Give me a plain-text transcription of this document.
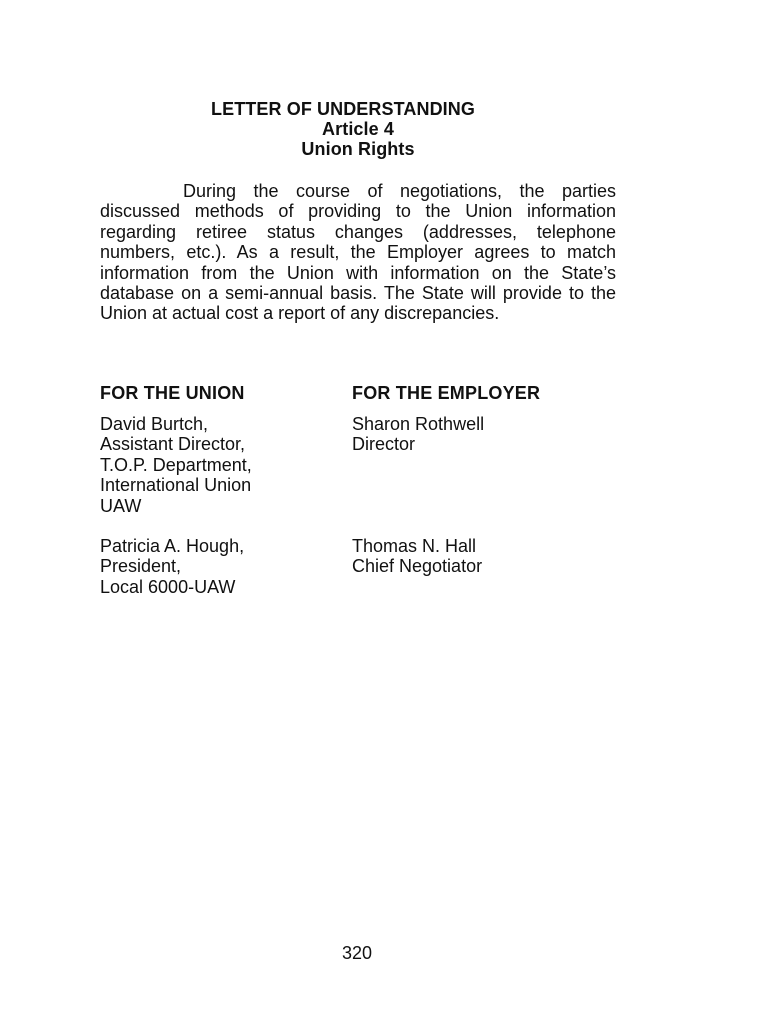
LETTER OF UNDERSTANDING
Article 4
Union Rights

During the course of negotiations, the parties discussed methods of providing to the Union information regarding retiree status changes (addresses, telephone numbers, etc.). As a result, the Employer agrees to match information from the Union with information on the State’s database on a semi-annual basis. The State will provide to the Union at actual cost a report of any discrepancies.

FOR THE UNION	FOR THE EMPLOYER

David Burtch,
Assistant Director,
T.O.P. Department,
International Union
UAW

Sharon Rothwell
Director

Patricia A. Hough,
President,
Local 6000-UAW

Thomas N. Hall
Chief Negotiator

320
